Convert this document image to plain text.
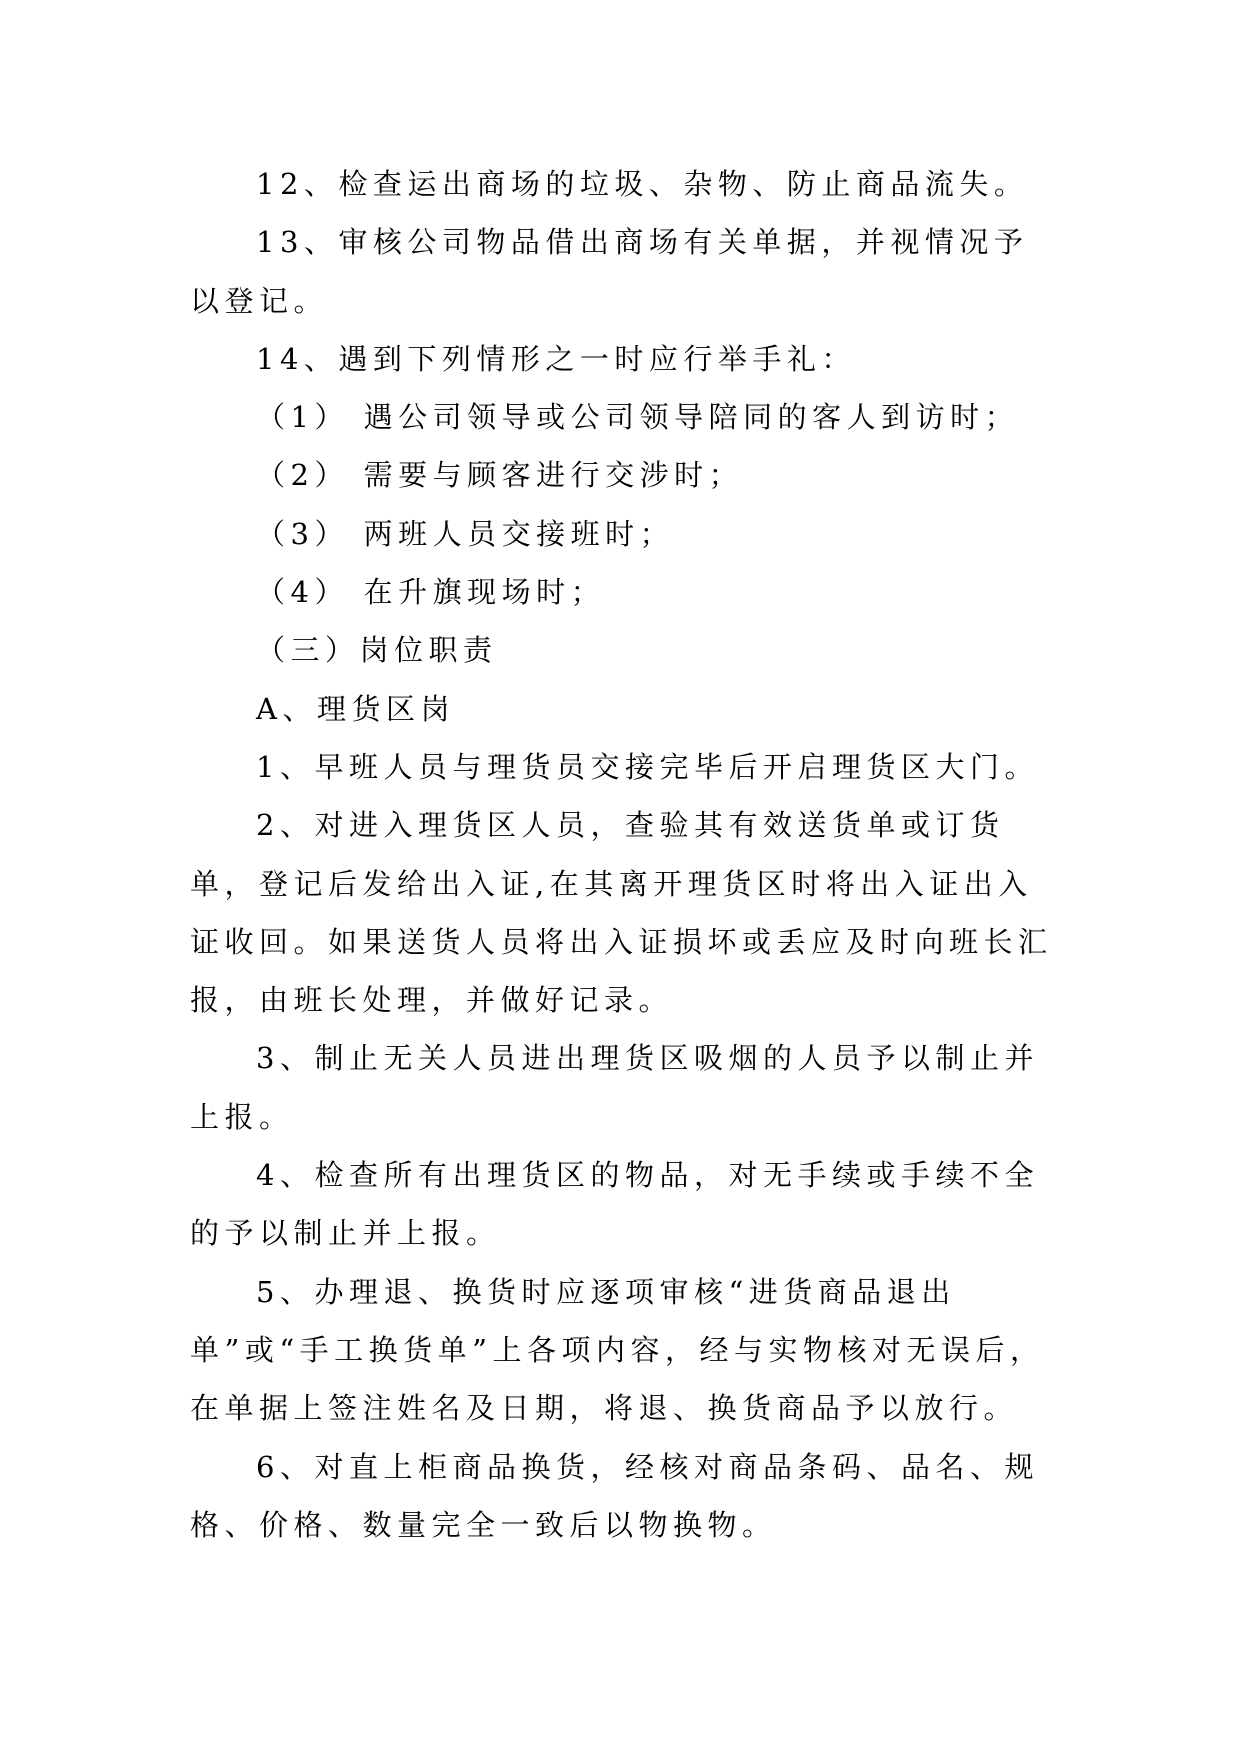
12、检查运出商场的垃圾、杂物、防止商品流失。

13、审核公司物品借出商场有关单据，并视情况予以登记。

14、遇到下列情形之一时应行举手礼：

（1） 遇公司领导或公司领导陪同的客人到访时；

（2） 需要与顾客进行交涉时；

（3） 两班人员交接班时；

（4） 在升旗现场时；

（三）岗位职责

A、理货区岗

1、早班人员与理货员交接完毕后开启理货区大门。

2、对进入理货区人员，查验其有效送货单或订货单，登记后发给出入证,在其离开理货区时将出入证出入证收回。如果送货人员将出入证损坏或丢应及时向班长汇报，由班长处理，并做好记录。

3、制止无关人员进出理货区吸烟的人员予以制止并上报。

4、检查所有出理货区的物品，对无手续或手续不全的予以制止并上报。

5、办理退、换货时应逐项审核“进货商品退出单”或“手工换货单”上各项内容，经与实物核对无误后，在单据上签注姓名及日期，将退、换货商品予以放行。

6、对直上柜商品换货，经核对商品条码、品名、规格、价格、数量完全一致后以物换物。
